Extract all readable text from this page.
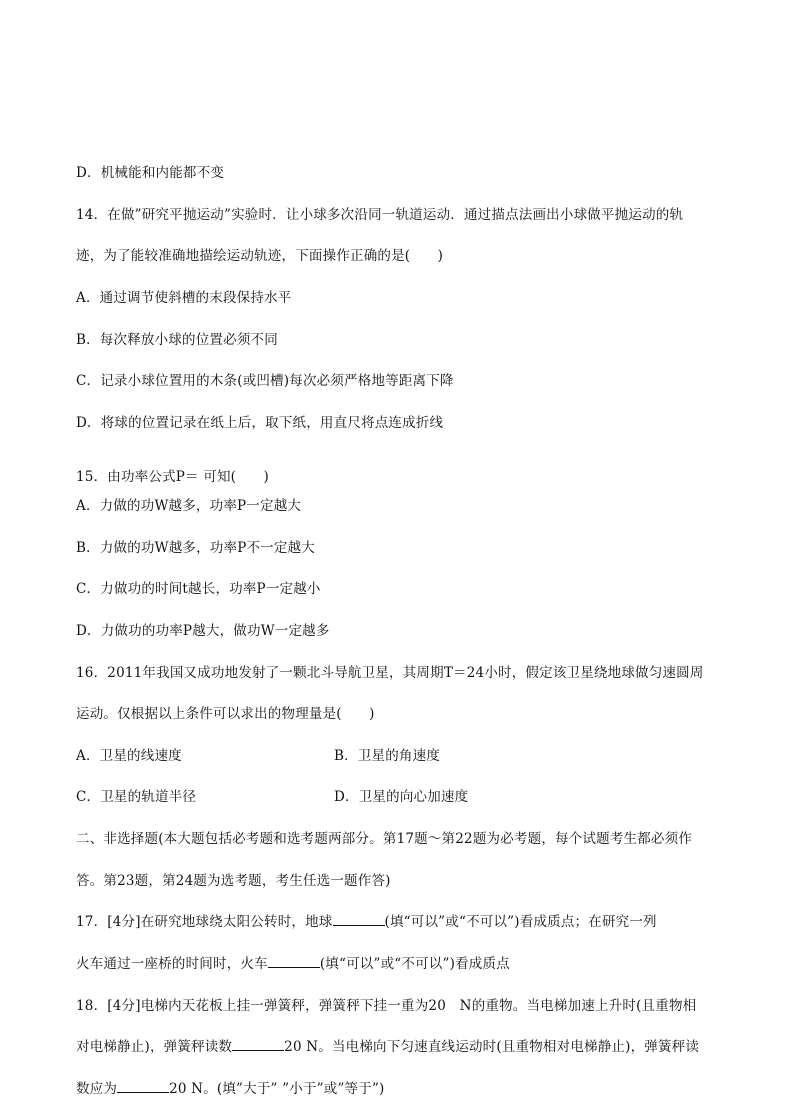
D．机械能和内能都不变
14．在做”研究平抛运动”实验时．让小球多次沿同一轨道运动．通过描点法画出小球做平抛运动的轨
迹，为了能较准确地描绘运动轨迹，下面操作正确的是(　　)
A．通过调节使斜槽的末段保持水平
B．每次释放小球的位置必须不同
C．记录小球位置用的木条(或凹槽)每次必须严格地等距离下降
D．将球的位置记录在纸上后，取下纸，用直尺将点连成折线
15．由功率公式P＝ 可知(　　)
A．力做的功W越多，功率P一定越大
B．力做的功W越多，功率P不一定越大
C．力做功的时间t越长，功率P一定越小
D．力做功的功率P越大，做功W一定越多
16．2011年我国又成功地发射了一颗北斗导航卫星，其周期T＝24小时，假定该卫星绕地球做匀速圆周
运动。仅根据以上条件可以求出的物理量是(　　)
A．卫星的线速度	B．卫星的角速度
C．卫星的轨道半径	D．卫星的向心加速度
二、非选择题(本大题包括必考题和选考题两部分。第17题～第22题为必考题，每个试题考生都必须作
答。第23题，第24题为选考题，考生任选一题作答)
17．[4分]在研究地球绕太阳公转时，地球	(填“可以”或“不可以”)看成质点；在研究一列
火车通过一座桥的时间时，火车	(填“可以”或“不可以”)看成质点
18．[4分]电梯内天花板上挂一弹簧秤，弹簧秤下挂一重为20　N的重物。当电梯加速上升时(且重物相
对电梯静止)，弹簧秤读数	20 N。当电梯向下匀速直线运动时(且重物相对电梯静止)，弹簧秤读
数应为	20 N。(填”大于” ”小于”或”等于”)
